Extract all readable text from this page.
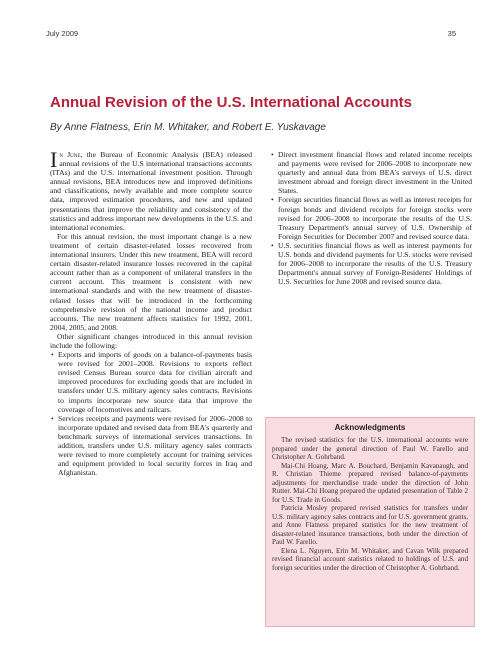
July 2009	35
Annual Revision of the U.S. International Accounts
By Anne Flatness, Erin M. Whitaker, and Robert E. Yuskavage

In June, the Bureau of Economic Analysis (BEA) released annual revisions of the U.S international transactions accounts (ITAs) and the U.S. international investment position. Through annual revisions, BEA introduces new and improved definitions and classifications, newly available and more complete source data, improved estimation procedures, and new and updated presentations that improve the reliability and consistency of the statistics and address important new developments in the U.S. and international economies.

For this annual revision, the most important change is a new treatment of certain disaster-related losses recovered from international insurers. Under this new treatment, BEA will record certain disaster-related insurance losses recovered in the capital account rather than as a component of unilateral transfers in the current account. This treatment is consistent with new international standards and with the new treatment of disaster-related losses that will be introduced in the forthcoming comprehensive revision of the national income and product accounts. The new treatment affects statistics for 1992, 2001, 2004, 2005, and 2008.

Other significant changes introduced in this annual revision include the following:

• Exports and imports of goods on a balance-of-payments basis were revised for 2001–2008. Revisions to exports reflect revised Census Bureau source data for civilian aircraft and improved procedures for excluding goods that are included in transfers under U.S. military agency sales contracts. Revisions to imports incorporate new source data that improve the coverage of locomotives and railcars.
• Services receipts and payments were revised for 2006–2008 to incorporate updated and revised data from BEA's quarterly and benchmark surveys of international services transactions. In addition, transfers under U.S. military agency sales contracts were revised to more completely account for training services and equipment provided to local security forces in Iraq and Afghanistan.
• Direct investment financial flows and related income receipts and payments were revised for 2006–2008 to incorporate new quarterly and annual data from BEA's surveys of U.S. direct investment abroad and foreign direct investment in the United States.
• Foreign securities financial flows as well as interest receipts for foreign bonds and dividend receipts for foreign stocks were revised for 2006–2008 to incorporate the results of the U.S. Treasury Department's annual survey of U.S. Ownership of Foreign Securities for December 2007 and revised source data.
• U.S. securities financial flows as well as interest payments for U.S. bonds and dividend payments for U.S. stocks were revised for 2006–2008 to incorporate the results of the U.S. Treasury Department's annual survey of Foreign-Residents' Holdings of U.S. Securities for June 2008 and revised source data.
Acknowledgments

The revised statistics for the U.S. international accounts were prepared under the general direction of Paul W. Farello and Christopher A. Gohrband.

Mai-Chi Hoang, Marc A. Bouchard, Benjamin Kavanaugh, and R. Christian Thieme prepared revised balance-of-payments adjustments for merchandise trade under the direction of John Rutter. Mai-Chi Hoang prepared the updated presentation of Table 2 for U.S. Trade in Goods.

Patricia Mosley prepared revised statistics for transfers under U.S. military agency sales contracts and for U.S. government grants, and Anne Flatness prepared statistics for the new treatment of disaster-related insurance transactions, both under the direction of Paul W. Farello.

Elena L. Nguyen, Erin M. Whitaker, and Cavan Wilk prepared revised financial account statistics related to holdings of U.S. and foreign securities under the direction of Christopher A. Gohrband.
